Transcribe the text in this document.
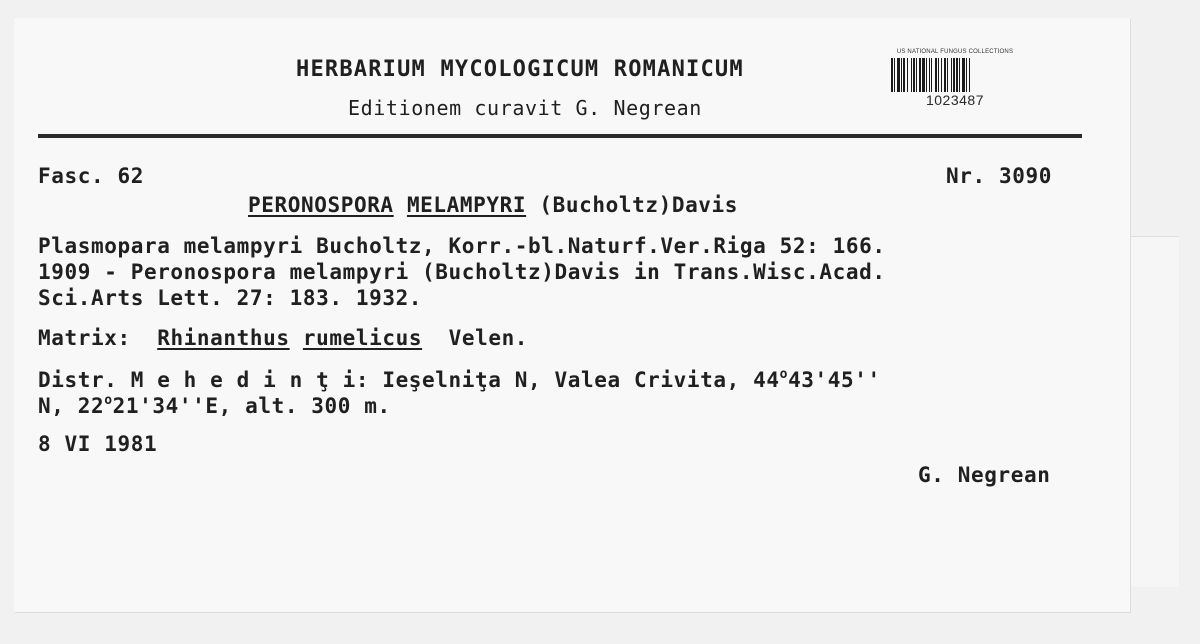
HERBARIUM MYCOLOGICUM ROMANICUM
Editionem curavit G. Negrean
US NATIONAL FUNGUS COLLECTIONS
1023487
Fasc. 62	Nr. 3090
PERONOSPORA MELAMPYRI (Bucholtz)Davis
Plasmopara melampyri Bucholtz, Korr.-bl.Naturf.Ver.Riga 52: 166.
1909 - Peronospora melampyri (Bucholtz)Davis in Trans.Wisc.Acad.
Sci.Arts Lett. 27: 183. 1932.
Matrix: Rhinanthus rumelicus Velen.
Distr. M e h e d i n ţ i: Ieşelniţa N, Valea Crivita, 44$^o$43'45''
N, 22$^o$21'34''E, alt. 300 m.
8 VI 1981
G. Negrean
